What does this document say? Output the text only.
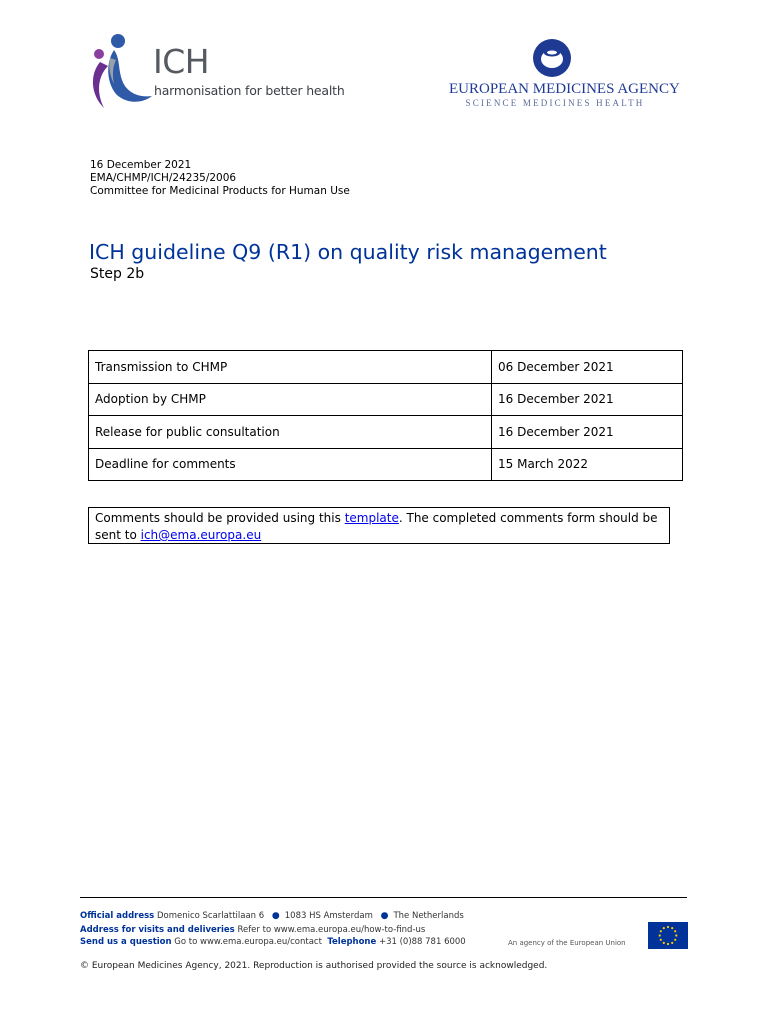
ICH
harmonisation for better health	EUROPEAN MEDICINES AGENCY
SCIENCE MEDICINES HEALTH
16 December 2021
EMA/CHMP/ICH/24235/2006
Committee for Medicinal Products for Human Use
ICH guideline Q9 (R1) on quality risk management
Step 2b
Transmission to CHMP	06 December 2021
Adoption by CHMP	16 December 2021
Release for public consultation	16 December 2021
Deadline for comments	15 March 2022
Comments should be provided using this template. The completed comments form should be sent to ich@ema.europa.eu
Official address Domenico Scarlattilaan 6 ● 1083 HS Amsterdam ● The Netherlands
Address for visits and deliveries Refer to www.ema.europa.eu/how-to-find-us
Send us a question Go to www.ema.europa.eu/contact Telephone +31 (0)88 781 6000	An agency of the European Union
© European Medicines Agency, 2021. Reproduction is authorised provided the source is acknowledged.
